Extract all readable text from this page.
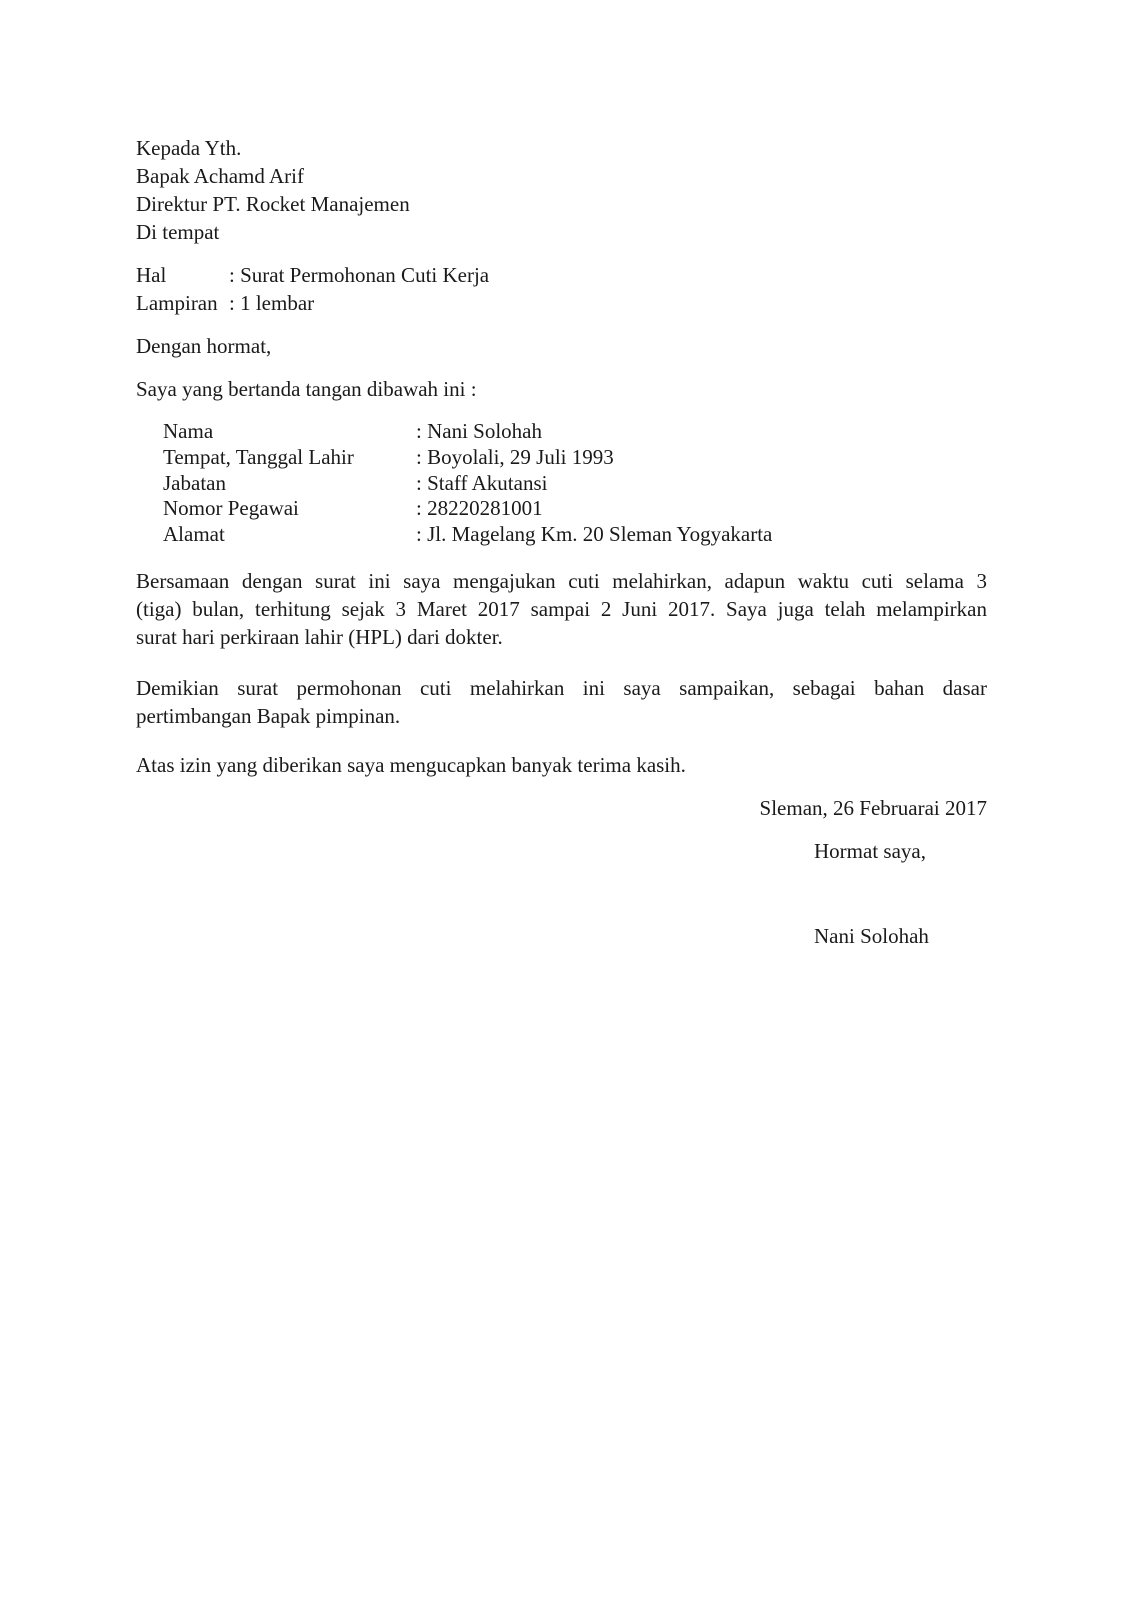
Kepada Yth.
Bapak Achamd Arif
Direktur PT. Rocket Manajemen
Di tempat
Hal	: Surat Permohonan Cuti Kerja
Lampiran : 1 lembar
Dengan hormat,
Saya yang bertanda tangan dibawah ini :
Nama	: Nani Solohah
Tempat, Tanggal Lahir	: Boyolali, 29 Juli 1993
Jabatan	: Staff Akutansi
Nomor Pegawai	: 28220281001
Alamat	: Jl. Magelang Km. 20 Sleman Yogyakarta
Bersamaan dengan surat ini saya mengajukan cuti melahirkan, adapun waktu cuti selama 3
(tiga) bulan, terhitung sejak 3 Maret 2017 sampai 2 Juni 2017. Saya juga telah melampirkan
surat hari perkiraan lahir (HPL) dari dokter.
Demikian surat permohonan cuti melahirkan ini saya sampaikan, sebagai bahan dasar
pertimbangan Bapak pimpinan.
Atas izin yang diberikan saya mengucapkan banyak terima kasih.
Sleman, 26 Februarai 2017
Hormat saya,
Nani Solohah
